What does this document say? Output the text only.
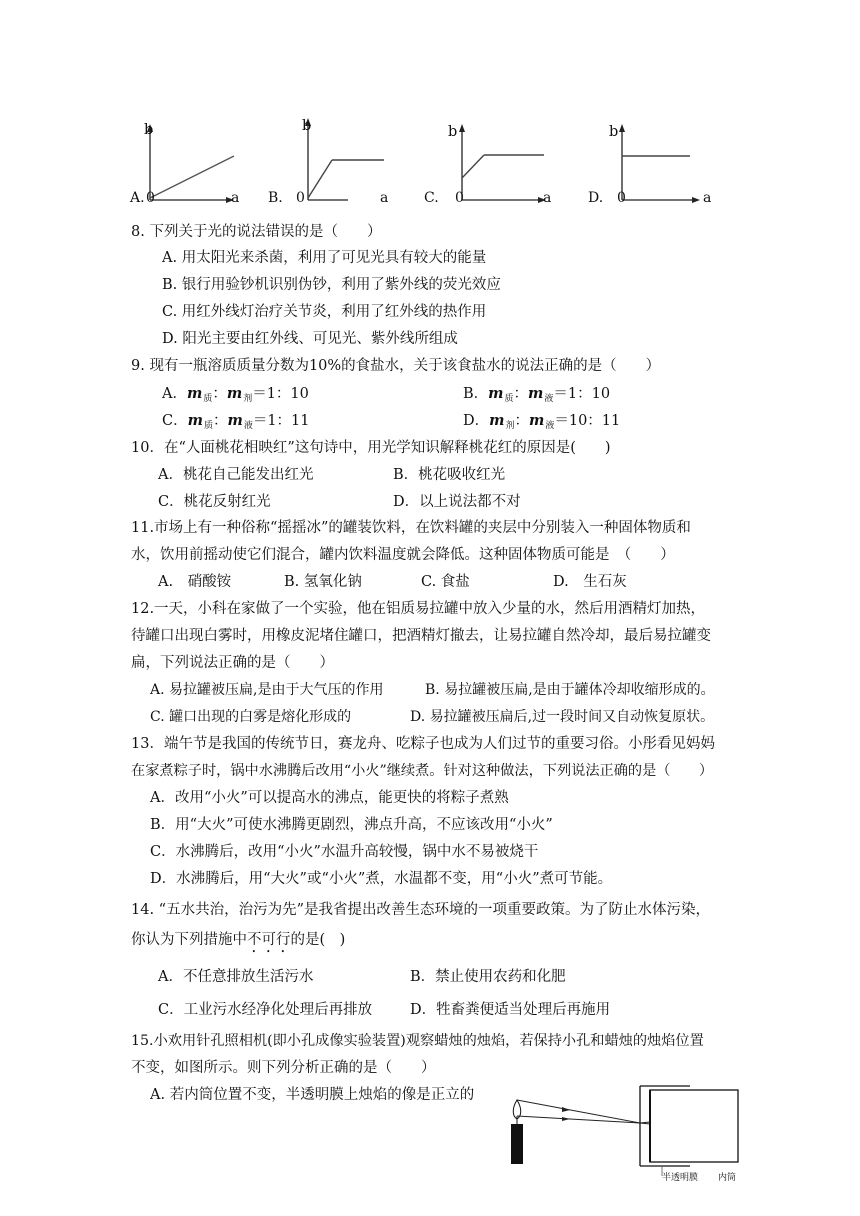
b	b	b	b
A. 0	a B. 0	a	C. 0	a	D. 0	a
8. 下列关于光的说法错误的是（　　）
A. 用太阳光来杀菌，利用了可见光具有较大的能量
B. 银行用验钞机识别伪钞，利用了紫外线的荧光效应
C. 用红外线灯治疗关节炎，利用了红外线的热作用
D. 阳光主要由红外线、可见光、紫外线所组成
9. 现有一瓶溶质质量分数为10%的食盐水，关于该食盐水的说法正确的是（　　）
A．$m_质$：$m_剂=1$：10	B．$m_质$：$m_液=1$：10
C．$m_质$：$m_液=1$：11	D．$m_剂$：$m_液=10$：11
10．在“人面桃花相映红”这句诗中，用光学知识解释桃花红的原因是(　　)
A．桃花自己能发出红光	B．桃花吸收红光
C．桃花反射红光	D．以上说法都不对
11.市场上有一种俗称“摇摇冰”的罐装饮料，在饮料罐的夹层中分别装入一种固体物质和
水，饮用前摇动使它们混合，罐内饮料温度就会降低。这种固体物质可能是　（　　）
A.　硝酸铵	B. 氢氧化钠	C. 食盐	D.　生石灰
12.一天，小科在家做了一个实验，他在铝质易拉罐中放入少量的水，然后用酒精灯加热，
待罐口出现白雾时，用橡皮泥堵住罐口，把酒精灯撤去，让易拉罐自然冷却，最后易拉罐变
扁，下列说法正确的是（　　）
A. 易拉罐被压扁,是由于大气压的作用	B. 易拉罐被压扁,是由于罐体冷却收缩形成的。
C. 罐口出现的白雾是熔化形成的	D. 易拉罐被压扁后,过一段时间又自动恢复原状。
13．端午节是我国的传统节日，赛龙舟、吃粽子也成为人们过节的重要习俗。小彤看见妈妈
在家煮粽子时，锅中水沸腾后改用“小火”继续煮。针对这种做法，下列说法正确的是（　　）
A．改用“小火”可以提高水的沸点，能更快的将粽子煮熟
B．用“大火”可使水沸腾更剧烈，沸点升高，不应该改用“小火”
C．水沸腾后，改用“小火”水温升高较慢，锅中水不易被烧干
D．水沸腾后，用“大火”或“小火”煮，水温都不变，用“小火”煮可节能。
14. “五水共治，治污为先”是我省提出改善生态环境的一项重要政策。为了防止水体污染，
你认为下列措施中不可行的是(　)
A．不任意排放生活污水	B．禁止使用农药和化肥
C．工业污水经净化处理后再排放	D．牲畜粪便适当处理后再施用
15.小欢用针孔照相机(即小孔成像实验装置)观察蜡烛的烛焰，若保持小孔和蜡烛的烛焰位置
不变，如图所示。则下列分析正确的是（　　）
A. 若内筒位置不变，半透明膜上烛焰的像是正立的
半透明膜 内筒
